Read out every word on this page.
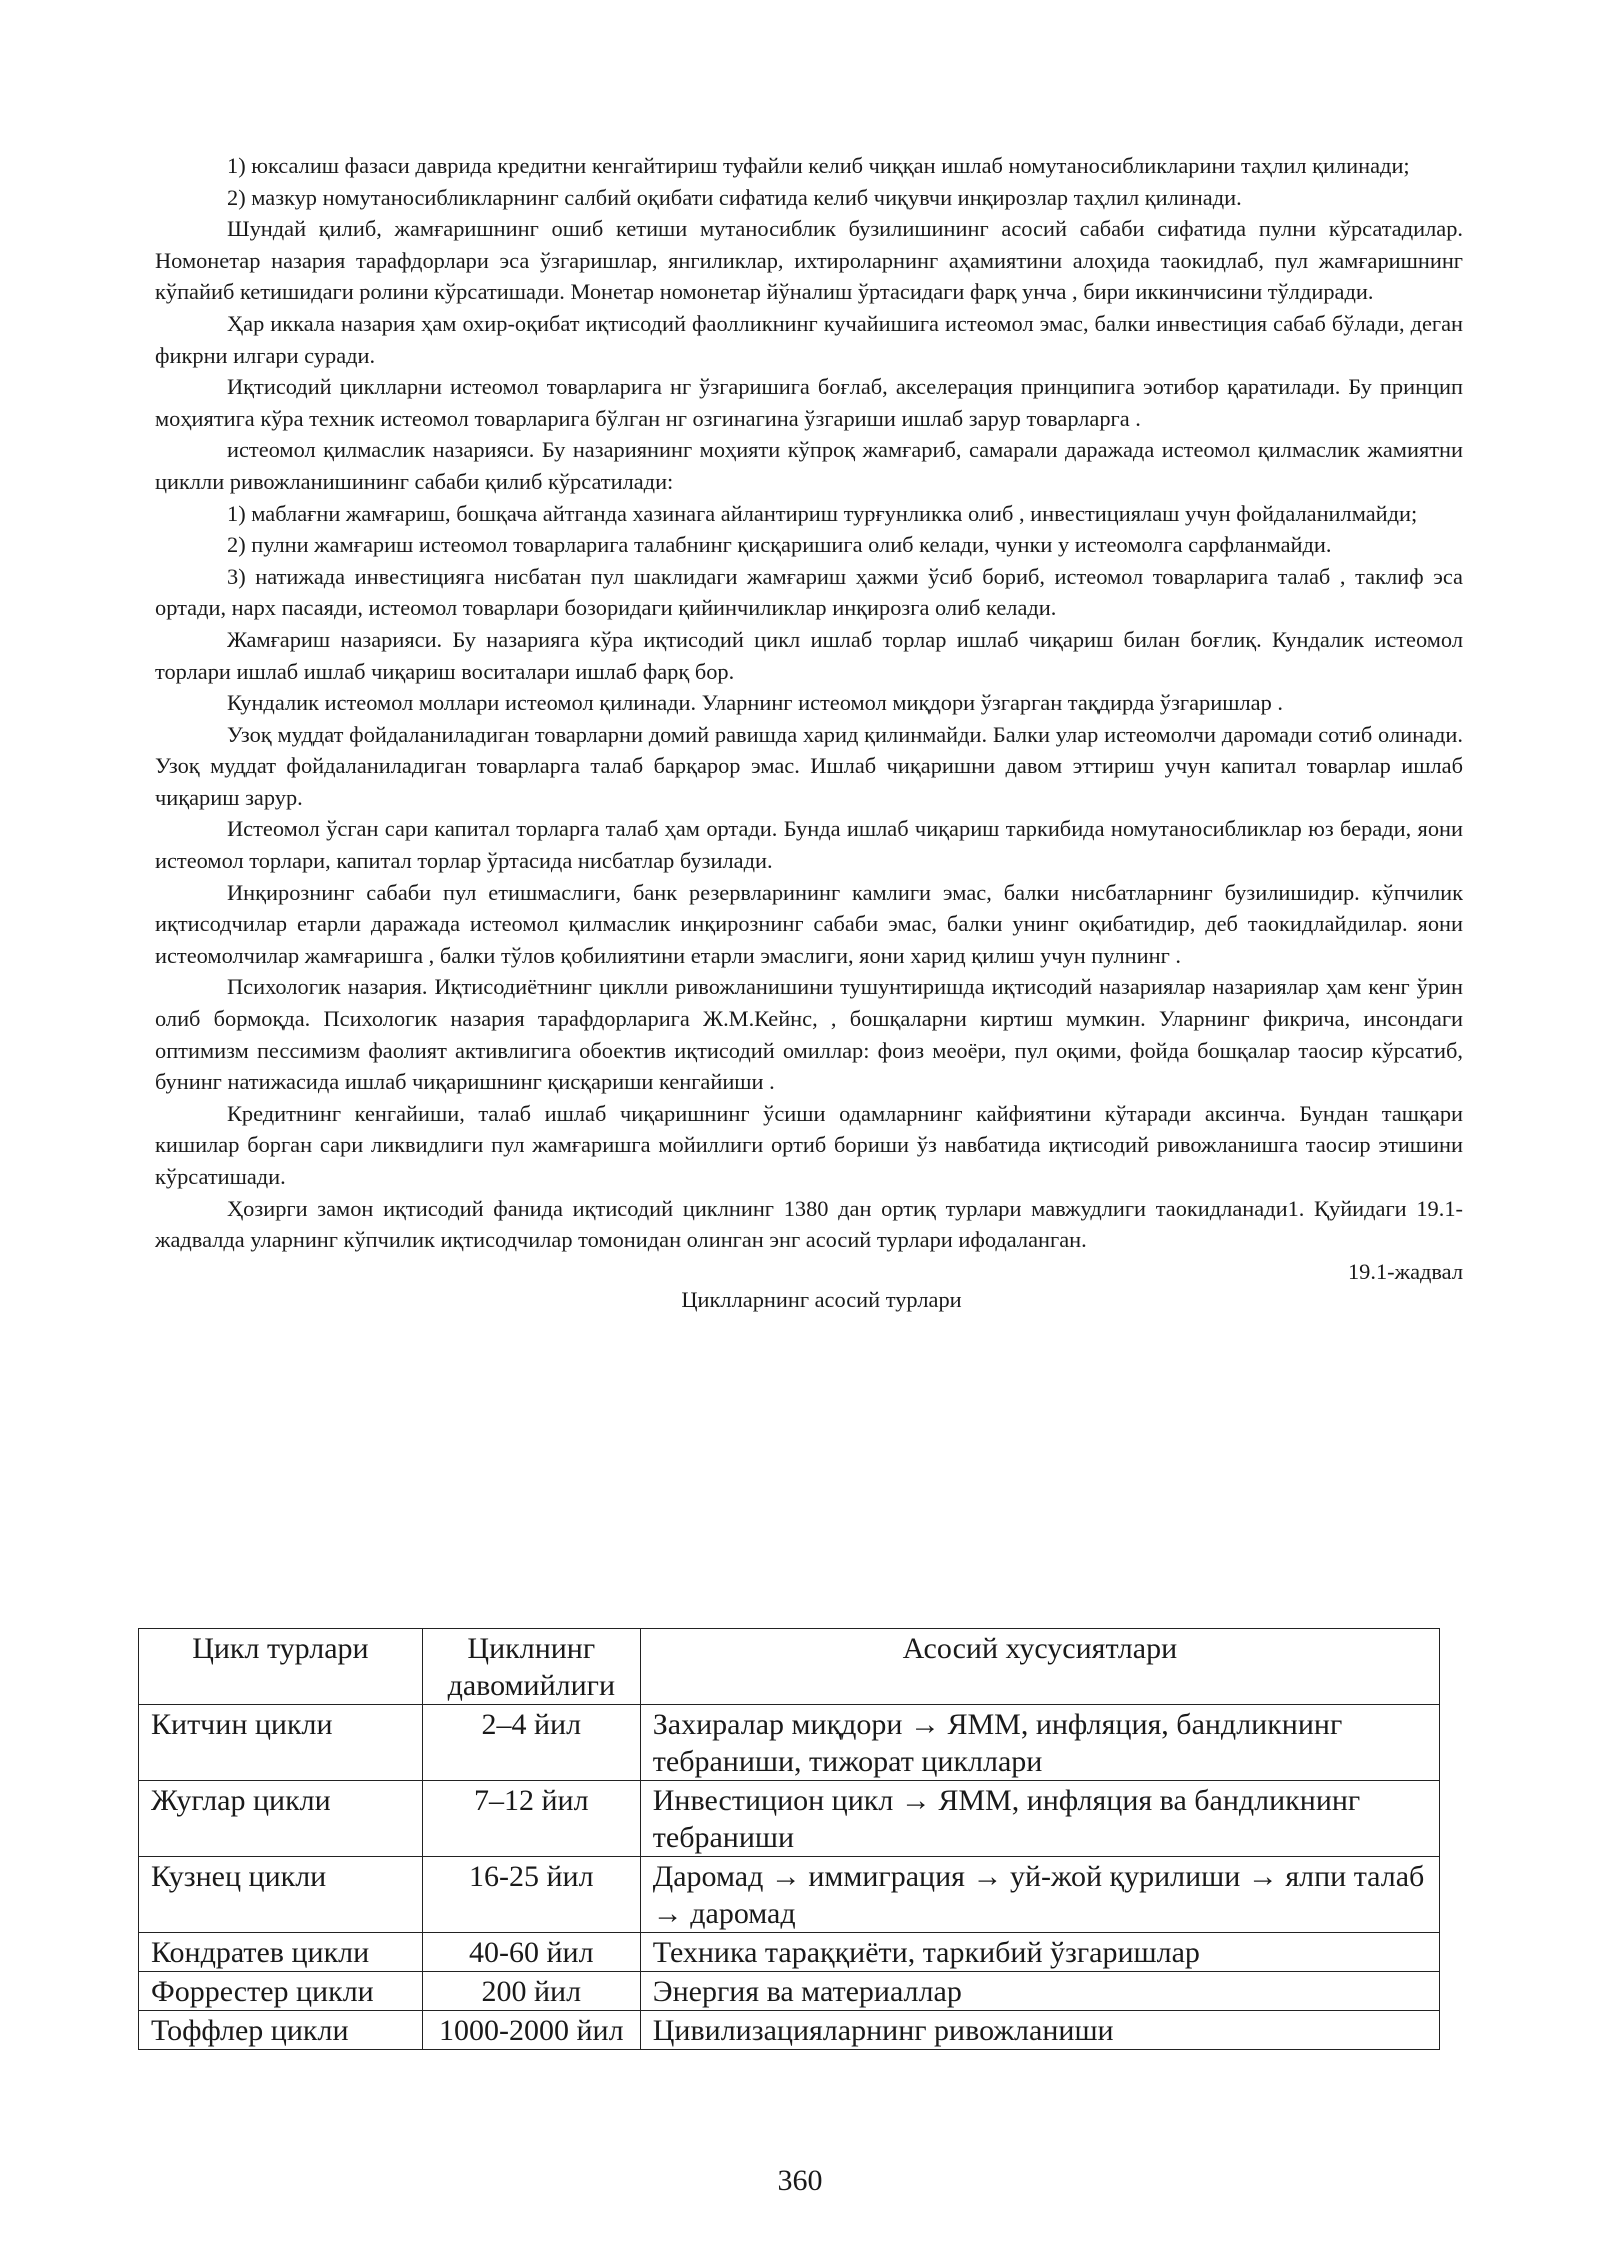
1) юксалиш фазаси даврида кредитни кенгайтириш туфайли келиб чиққан ишлаб номутаносибликларини таҳлил қилинади;

2) мазкур номутаносибликларнинг салбий оқибати сифатида келиб чиқувчи инқирозлар таҳлил қилинади.

Шундай қилиб, жамғаришнинг ошиб кетиши мутаносиблик бузилишининг асосий сабаби сифатида пулни кўрсатадилар. Номонетар назария тарафдорлари эса ўзгаришлар, янгиликлар, ихтироларнинг аҳамиятини алоҳида таокидлаб, пул жамғаришнинг кўпайиб кетишидаги ролини кўрсатишади. Монетар номонетар йўналиш ўртасидаги фарқ унча , бири иккинчисини тўлдиради.

Ҳар иккала назария ҳам охир-оқибат иқтисодий фаолликнинг кучайишига истеомол эмас, балки инвестиция сабаб бўлади, деган фикрни илгари суради.

Иқтисодий циклларни истеомол товарларига нг ўзгаришига боғлаб, акселерация принципига эотибор қаратилади. Бу принцип моҳиятига кўра техник истеомол товарларига бўлган нг озгинагина ўзгариши ишлаб зарур товарларга .

истеомол қилмаслик назарияси. Бу назариянинг моҳияти кўпроқ жамғариб, самарали даражада истеомол қилмаслик жамиятни циклли ривожланишининг сабаби қилиб кўрсатилади:

1) маблағни жамғариш, бошқача айтганда хазинага айлантириш турғунликка олиб , инвестициялаш учун фойдаланилмайди;

2) пулни жамғариш истеомол товарларига талабнинг қисқаришига олиб келади, чунки у истеомолга сарфланмайди.

3) натижада инвестицияга нисбатан пул шаклидаги жамғариш ҳажми ўсиб бориб, истеомол товарларига талаб , таклиф эса ортади, нарх пасаяди, истеомол товарлари бозоридаги қийинчиликлар инқирозга олиб келади.

Жамғариш назарияси. Бу назарияга кўра иқтисодий цикл ишлаб торлар ишлаб чиқариш билан боғлиқ. Кундалик истеомол торлари ишлаб ишлаб чиқариш воситалари ишлаб фарқ бор.

Кундалик истеомол моллари истеомол қилинади. Уларнинг истеомол миқдори ўзгарган тақдирда ўзгаришлар .

Узоқ муддат фойдаланиладиган товарларни домий равишда харид қилинмайди. Балки улар истеомолчи даромади сотиб олинади. Узоқ муддат фойдаланиладиган товарларга талаб барқарор эмас. Ишлаб чиқаришни давом эттириш учун капитал товарлар ишлаб чиқариш зарур.

Истеомол ўсган сари капитал торларга талаб ҳам ортади. Бунда ишлаб чиқариш таркибида номутаносибликлар юз беради, яони истеомол торлари, капитал торлар ўртасида нисбатлар бузилади.

Инқирознинг сабаби пул етишмаслиги, банк резервларининг камлиги эмас, балки нисбатларнинг бузилишидир. кўпчилик иқтисодчилар етарли даражада истеомол қилмаслик инқирознинг сабаби эмас, балки унинг оқибатидир, деб таокидлайдилар. яони истеомолчилар жамғаришга , балки тўлов қобилиятини етарли эмаслиги, яони харид қилиш учун пулнинг .

Психологик назария. Иқтисодиётнинг циклли ривожланишини тушунтиришда иқтисодий назариялар назариялар ҳам кенг ўрин олиб бормоқда. Психологик назария тарафдорларига Ж.М.Кейнс, , бошқаларни киртиш мумкин. Уларнинг фикрича, инсондаги оптимизм пессимизм фаолият активлигига обоектив иқтисодий омиллар: фоиз меоёри, пул оқими, фойда бошқалар таосир кўрсатиб, бунинг натижасида ишлаб чиқаришнинг қисқариши кенгайиши .

Кредитнинг кенгайиши, талаб ишлаб чиқаришнинг ўсиши одамларнинг кайфиятини кўтаради аксинча. Бундан ташқари кишилар борган сари ликвидлиги пул жамғаришга мойиллиги ортиб бориши ўз навбатида иқтисодий ривожланишга таосир этишини кўрсатишади.

Ҳозирги замон иқтисодий фанида иқтисодий циклнинг 1380 дан ортиқ турлари мавжудлиги таокидланади1. Қуйидаги 19.1-жадвалда уларнинг кўпчилик иқтисодчилар томонидан олинган энг асосий турлари ифодаланган.

19.1-жадвал
Циклларнинг асосий турлари
Цикл турлари	Циклнинг давомийлиги	Асосий хусусиятлари
Китчин цикли	2–4 йил	Захиралар миқдори → ЯММ, инфляция, бандликнинг тебраниши, тижорат цикллари
Жуглар цикли	7–12 йил	Инвестицион цикл → ЯММ, инфляция ва бандликнинг тебраниши
Кузнец цикли	16-25 йил	Даромад → иммиграция → уй-жой қурилиши → ялпи талаб → даромад
Кондратев цикли	40-60 йил	Техника тараққиёти, таркибий ўзгаришлар
Форрестер цикли	200 йил	Энергия ва материаллар
Тоффлер цикли	1000-2000 йил	Цивилизацияларнинг ривожланиши
360
